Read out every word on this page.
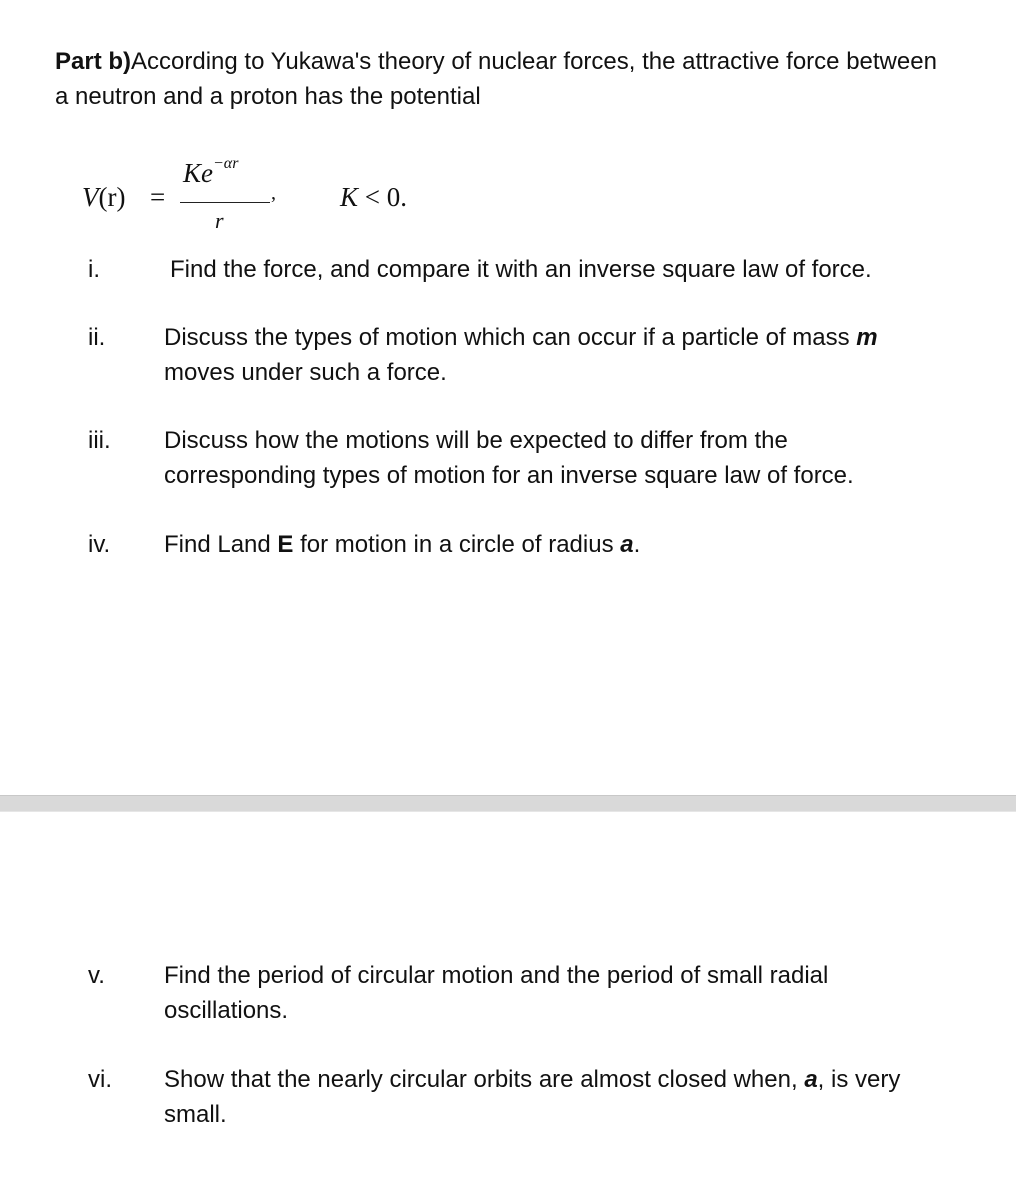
Part b)According to Yukawa's theory of nuclear forces, the attractive force between a neutron and a proton has the potential
V(r) =
$Ke^{-\alpha r}$
r
, K < 0.
i.	Find the force, and compare it with an inverse square law of force.
ii. Discuss the types of motion which can occur if a particle of mass m moves under such a force.
iii. Discuss how the motions will be expected to differ from the corresponding types of motion for an inverse square law of force.
iv. Find Land E for motion in a circle of radius a.
v. Find the period of circular motion and the period of small radial oscillations.
vi. Show that the nearly circular orbits are almost closed when, a, is very small.
